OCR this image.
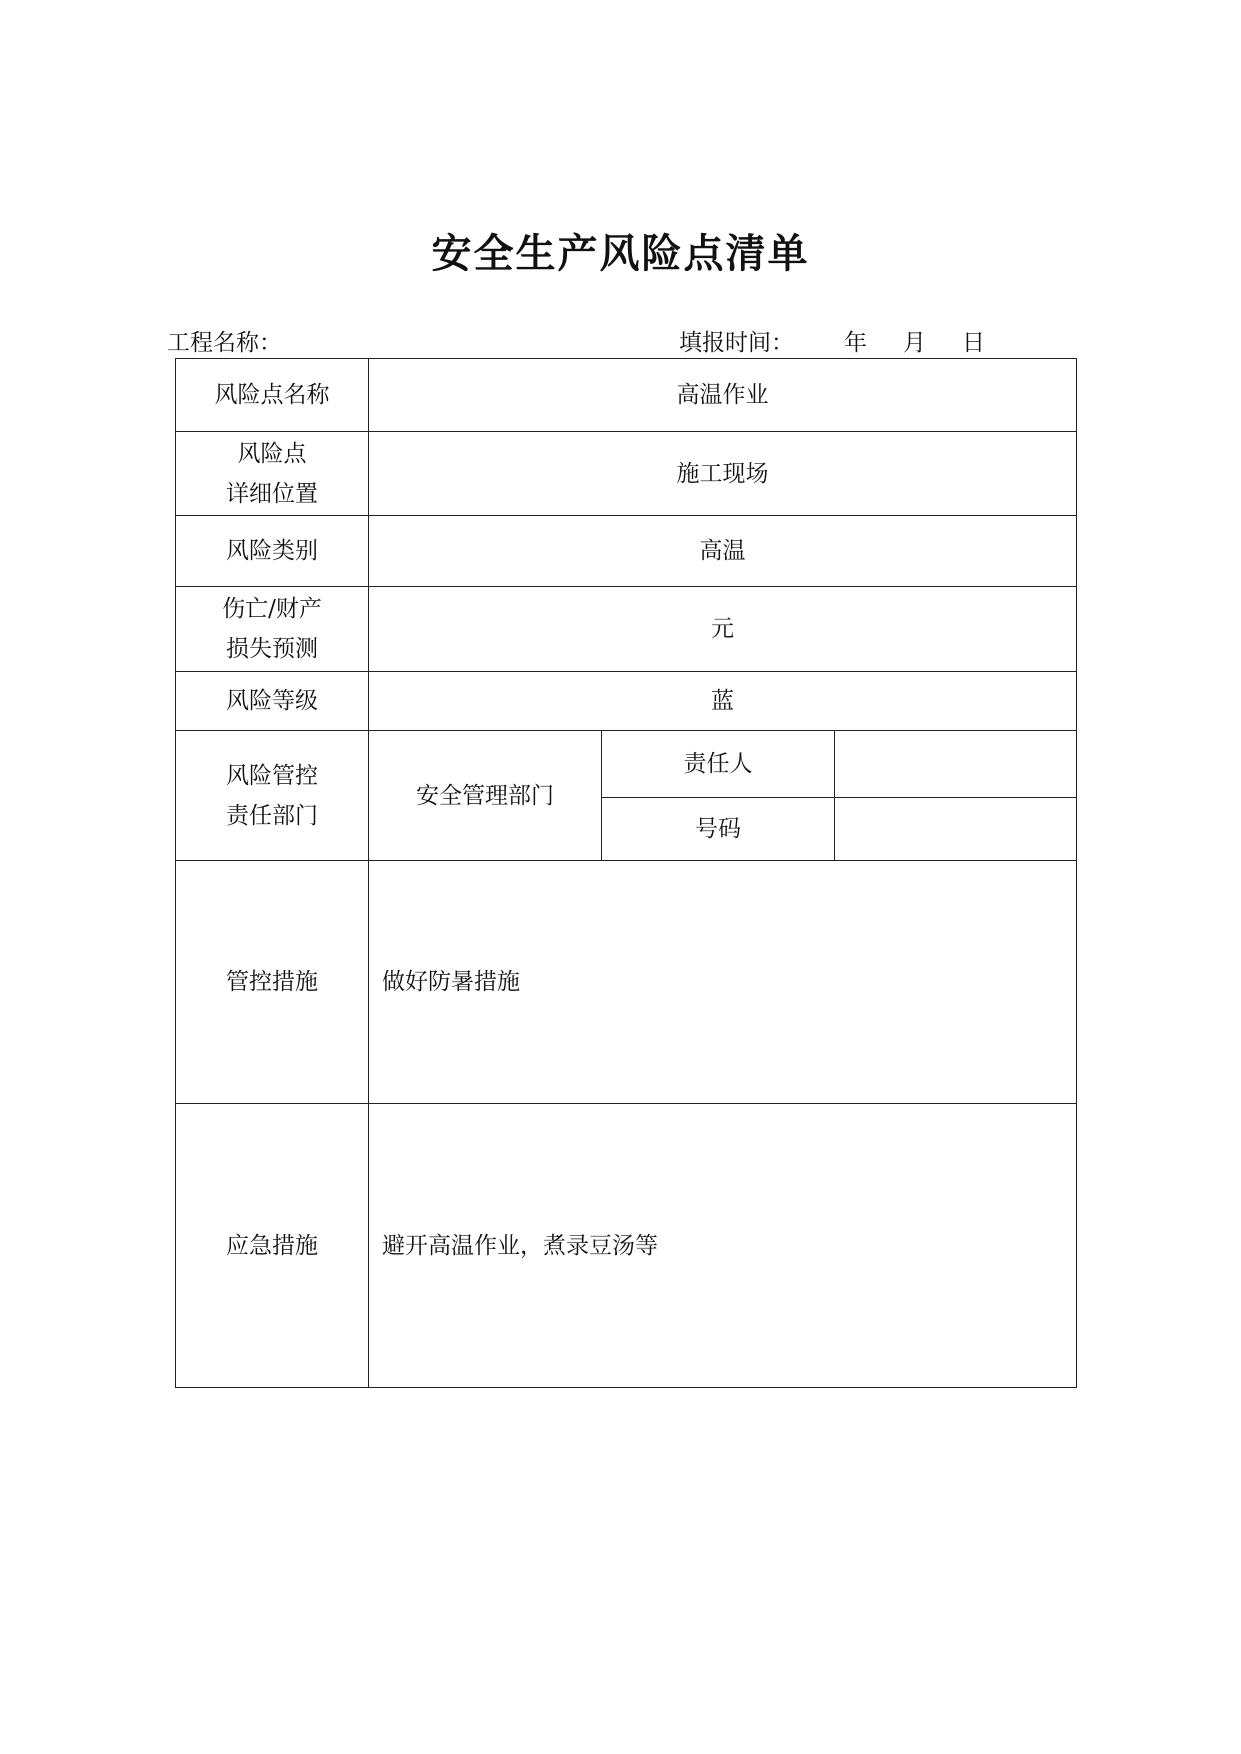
安全生产风险点清单
工程名称：	填报时间： 年 月 日
风险点名称	高温作业		

风险点
详细位置	施工现场		
风险类别	高温		

伤亡/财产
损失预测	元		
风险等级	蓝		

风险管控
责任部门	安全管理部门	责任人	
		号码	
管控措施	做好防暑措施		
应急措施	避开高温作业，煮录豆汤等		
